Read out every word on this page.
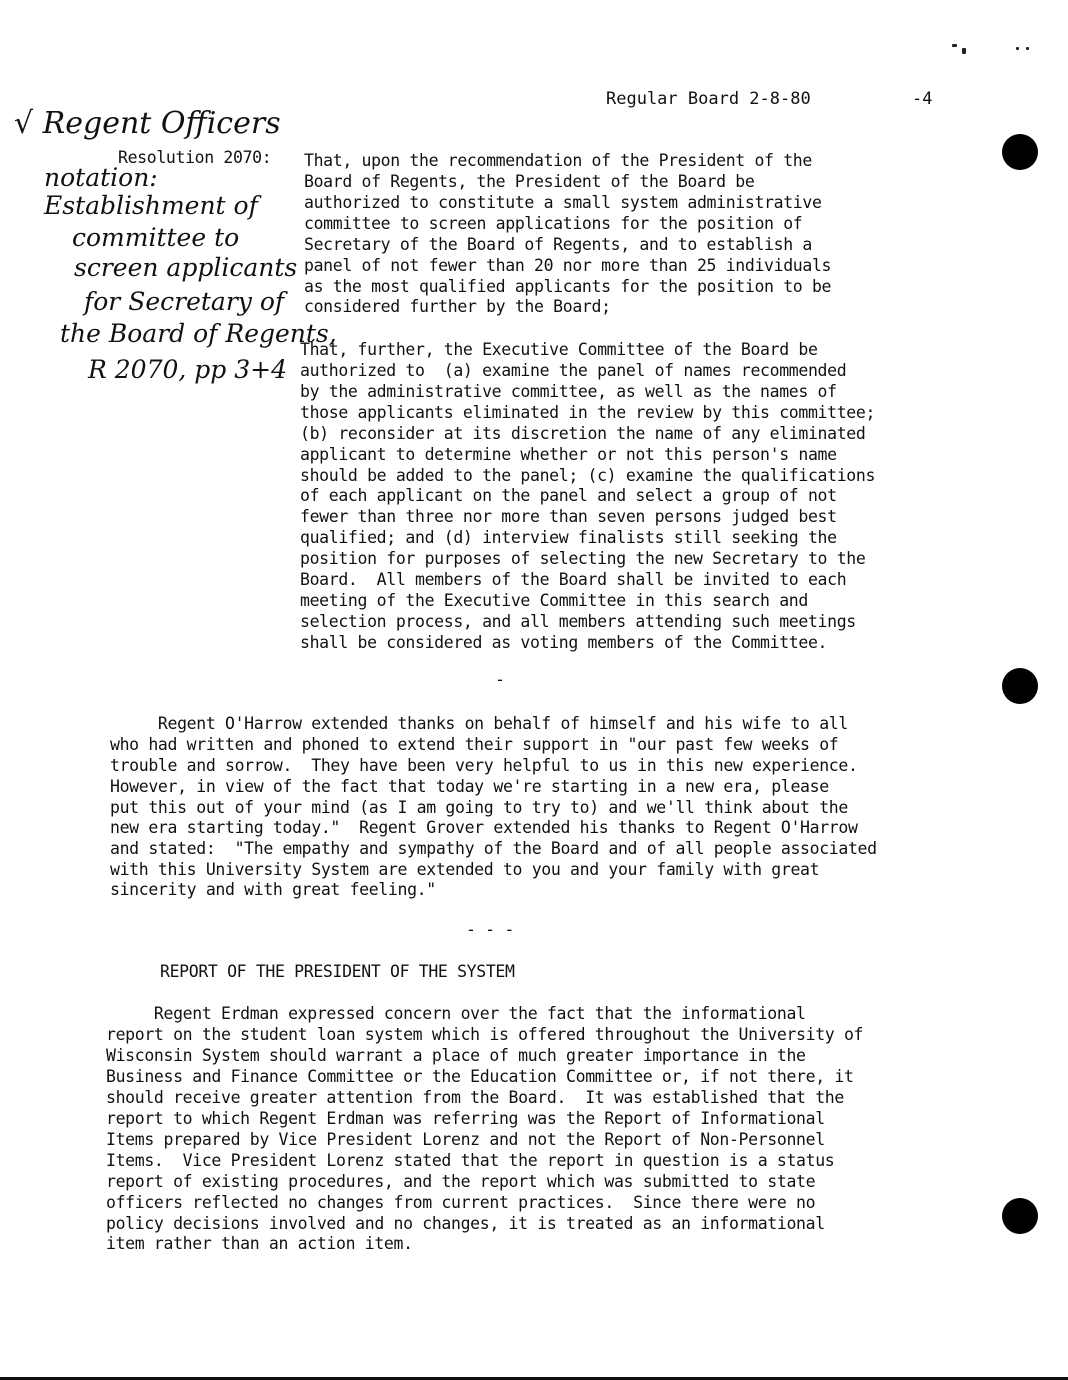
Regular Board 2-8-80	-4
√ Regent Officers
notation:
Establishment of
committee to
screen applicants
for Secretary of
the Board of Regents,
R 2070, pp 3+4
Resolution 2070: That, upon the recommendation of the President of the
Board of Regents, the President of the Board be
authorized to constitute a small system administrative
committee to screen applications for the position of
Secretary of the Board of Regents, and to establish a
panel of not fewer than 20 nor more than 25 individuals
as the most qualified applicants for the position to be
considered further by the Board;
That, further, the Executive Committee of the Board be
authorized to  (a) examine the panel of names recommended
by the administrative committee, as well as the names of
those applicants eliminated in the review by this committee;
(b) reconsider at its discretion the name of any eliminated
applicant to determine whether or not this person's name
should be added to the panel; (c) examine the qualifications
of each applicant on the panel and select a group of not
fewer than three nor more than seven persons judged best
qualified; and (d) interview finalists still seeking the
position for purposes of selecting the new Secretary to the
Board.  All members of the Board shall be invited to each
meeting of the Executive Committee in this search and
selection process, and all members attending such meetings
shall be considered as voting members of the Committee.
-
Regent O'Harrow extended thanks on behalf of himself and his wife to all
who had written and phoned to extend their support in "our past few weeks of
trouble and sorrow.  They have been very helpful to us in this new experience.
However, in view of the fact that today we're starting in a new era, please
put this out of your mind (as I am going to try to) and we'll think about the
new era starting today."  Regent Grover extended his thanks to Regent O'Harrow
and stated:  "The empathy and sympathy of the Board and of all people associated
with this University System are extended to you and your family with great
sincerity and with great feeling."
- - -
REPORT OF THE PRESIDENT OF THE SYSTEM
Regent Erdman expressed concern over the fact that the informational
report on the student loan system which is offered throughout the University of
Wisconsin System should warrant a place of much greater importance in the
Business and Finance Committee or the Education Committee or, if not there, it
should receive greater attention from the Board.  It was established that the
report to which Regent Erdman was referring was the Report of Informational
Items prepared by Vice President Lorenz and not the Report of Non-Personnel
Items.  Vice President Lorenz stated that the report in question is a status
report of existing procedures, and the report which was submitted to state
officers reflected no changes from current practices.  Since there were no
policy decisions involved and no changes, it is treated as an informational
item rather than an action item.
